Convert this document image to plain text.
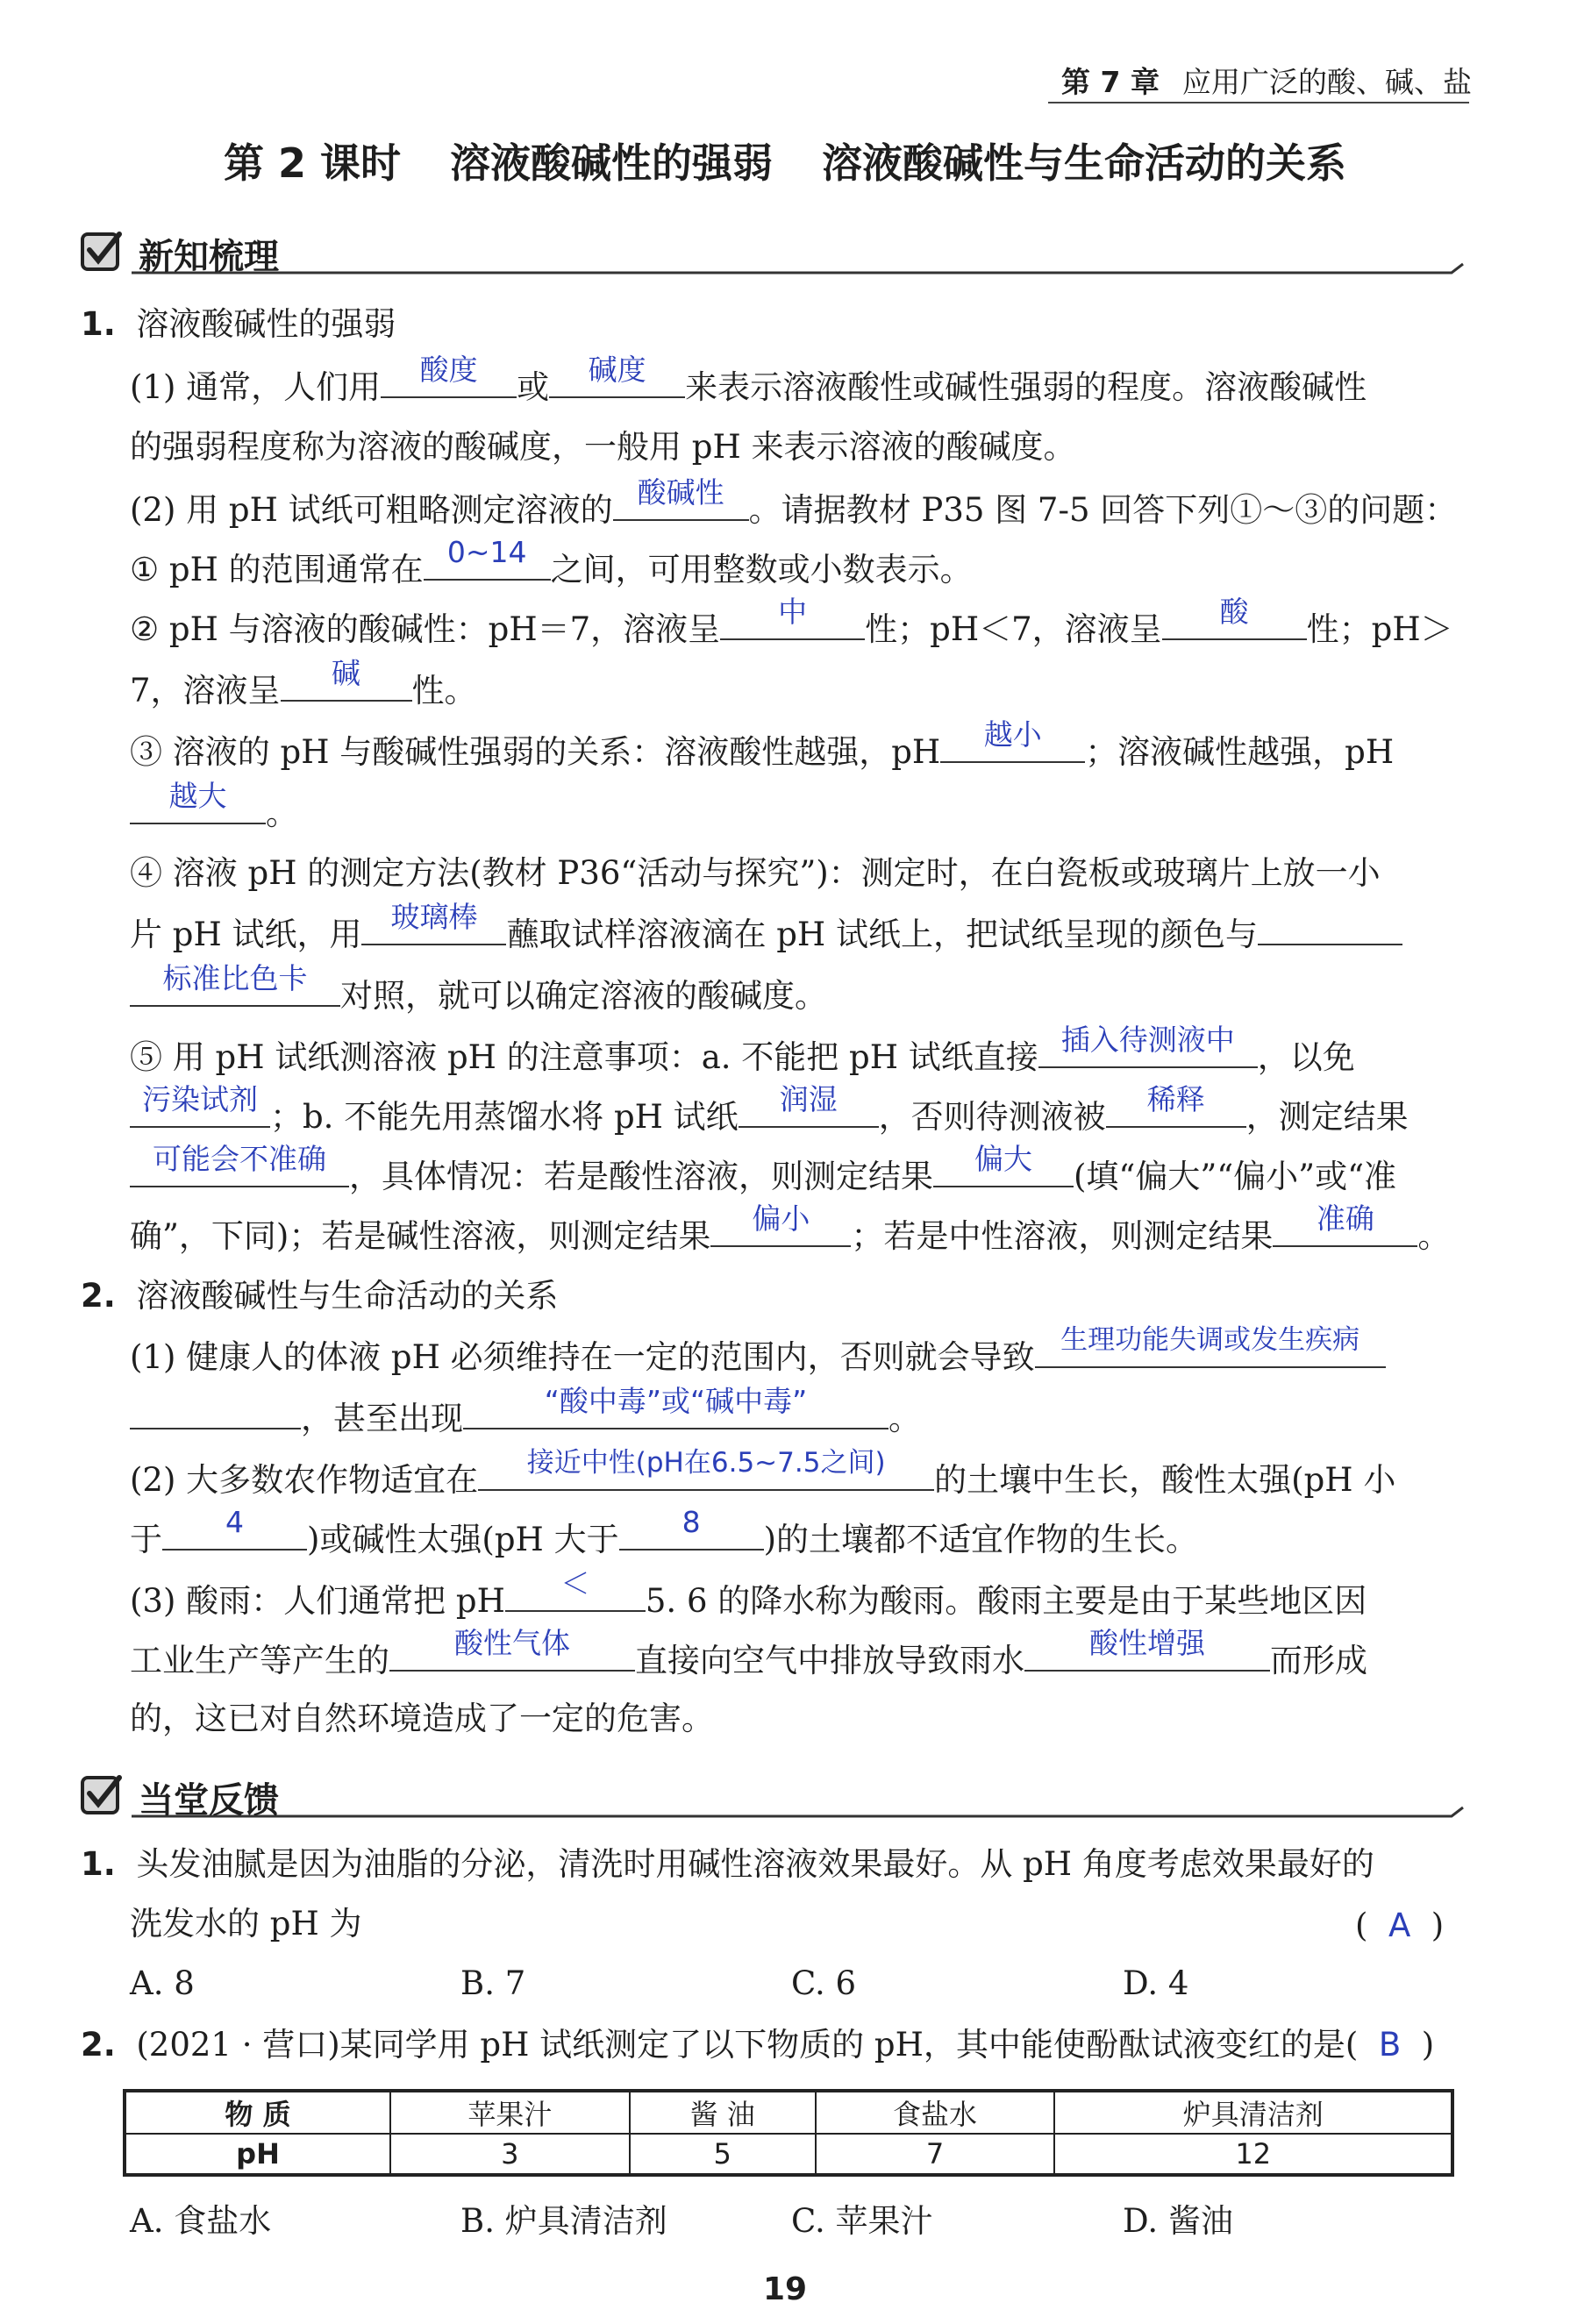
第 7 章 应用广泛的酸、碱、盐
第 2 课时 溶液酸碱性的强弱 溶液酸碱性与生命活动的关系
新知梳理
1. 溶液酸碱性的强弱
(1) 通常，人们用	酸度	或	碱度	来表示溶液酸性或碱性强弱的程度。溶液酸碱性
的强弱程度称为溶液的酸碱度，一般用 pH 来表示溶液的酸碱度。
(2) 用 pH 试纸可粗略测定溶液的 酸碱性 。请据教材 P35 图 7-5 回答下列①～③的问题：
① pH 的范围通常在 0~14 之间，可用整数或小数表示。
② pH 与溶液的酸碱性：pH＝7，溶液呈	中	性；pH＜7，溶液呈	酸	性；pH＞
7，溶液呈	碱	性。
③ 溶液的 pH 与酸碱性强弱的关系：溶液酸性越强，pH	越小	；溶液碱性越强，pH
越大	。
④ 溶液 pH 的测定方法(教材 P36“活动与探究”)：测定时，在白瓷板或玻璃片上放一小
片 pH 试纸，用	玻璃棒 蘸取试样溶液滴在 pH 试纸上，把试纸呈现的颜色与
标准比色卡	对照，就可以确定溶液的酸碱度。
⑤ 用 pH 试纸测溶液 pH 的注意事项：a. 不能把 pH 试纸直接 插入待测液中 ，以免
污染试剂 ；b. 不能先用蒸馏水将 pH 试纸	润湿	，否则待测液被	稀释	，测定结果
可能会不准确 ，具体情况：若是酸性溶液，则测定结果	偏大	(填“偏大”“偏小”或“准
确”，下同)；若是碱性溶液，则测定结果	偏小	；若是中性溶液，则测定结果	准确	。
2. 溶液酸碱性与生命活动的关系
(1) 健康人的体液 pH 必须维持在一定的范围内，否则就会导致 生理功能失调或发生疾病
，甚至出现	“酸中毒”或“碱中毒”	。
(2) 大多数农作物适宜在	接近中性(pH在6.5~7.5之间)	的土壤中生长，酸性太强(pH 小
于	4	)或碱性太强(pH 大于	8	)的土壤都不适宜作物的生长。
(3) 酸雨：人们通常把 pH	＜	5. 6 的降水称为酸雨。酸雨主要是由于某些地区因
工业生产等产生的	酸性气体	直接向空气中排放导致雨水	酸性增强	而形成
的，这已对自然环境造成了一定的危害。
当堂反馈
1. 头发油腻是因为油脂的分泌，清洗时用碱性溶液效果最好。从 pH 角度考虑效果最好的
洗发水的 pH 为	(  A  )
A. 8	B. 7	C. 6	D. 4
2. (2021 · 营口)某同学用 pH 试纸测定了以下物质的 pH，其中能使酚酞试液变红的是(  B  )
物 质	苹果汁	酱 油	食盐水	炉具清洁剂
pH	3	5	7	12
A. 食盐水	B. 炉具清洁剂	C. 苹果汁	D. 酱油
19
